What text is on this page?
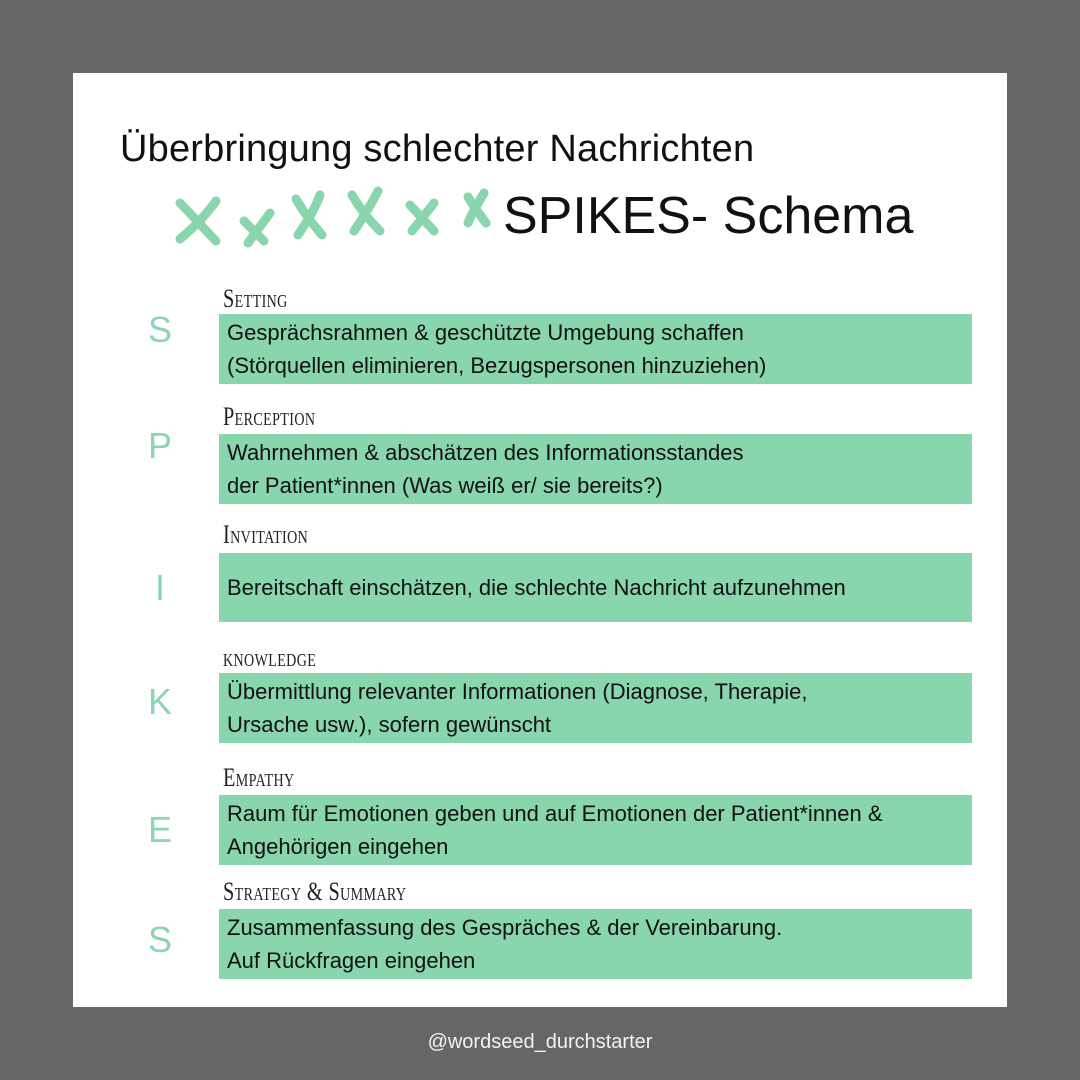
Überbringung schlechter Nachrichten
SPIKES- Schema
S
Setting
Gesprächsrahmen & geschützte Umgebung schaffen
(Störquellen eliminieren, Bezugspersonen hinzuziehen)
P
Perception
Wahrnehmen & abschätzen des Informationsstandes
der Patient*innen (Was weiß er/ sie bereits?)
I
Invitation
Bereitschaft einschätzen, die schlechte Nachricht aufzunehmen
K
knowledge
Übermittlung relevanter Informationen (Diagnose, Therapie,
Ursache usw.), sofern gewünscht
E
Empathy
Raum für Emotionen geben und auf Emotionen der Patient*innen &
Angehörigen eingehen
S
Strategy & Summary
Zusammenfassung des Gespräches & der Vereinbarung.
Auf Rückfragen eingehen
@wordseed_durchstarter
